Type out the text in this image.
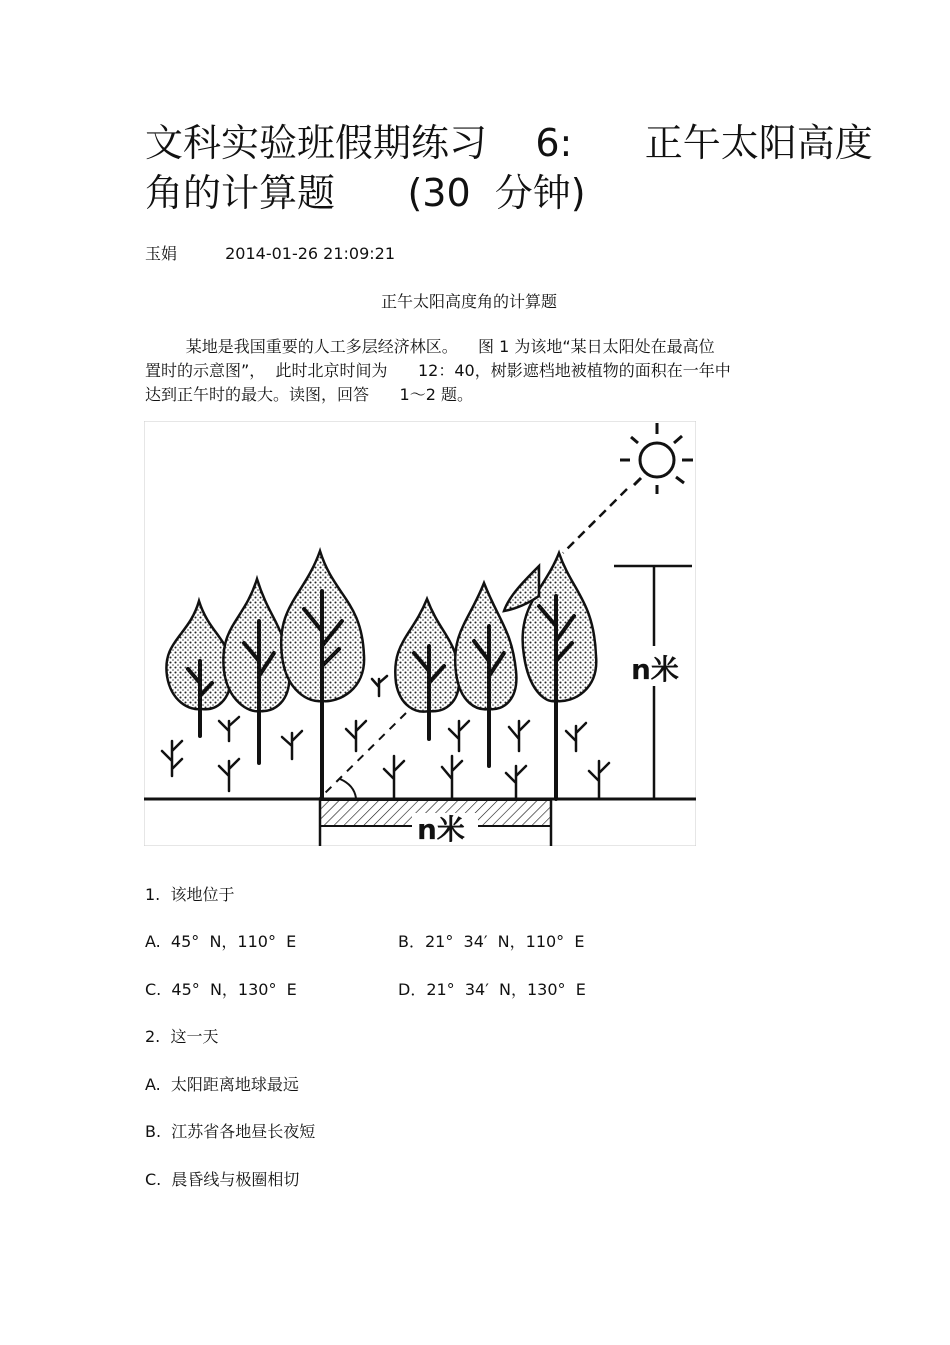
文科实验班假期练习    6:      正午太阳高度
角的计算题      (30  分钟)
玉娟	2014-01-26 21:09:21
正午太阳高度角的计算题
某地是我国重要的人工多层经济林区。    图 1 为该地“某日太阳处在最高位
置时的示意图”，  此时北京时间为      12：40，树影遮档地被植物的面积在一年中
达到正午时的最大。读图，回答      1～2 题。
n米
n米
1.  该地位于
A.  45°  N，110°  E	B．21°  34′  N，110°  E
C.  45°  N，130°  E	D．21°  34′  N，130°  E
2.  这一天
A.  太阳距离地球最远
B.  江苏省各地昼长夜短
C.  晨昏线与极圈相切
